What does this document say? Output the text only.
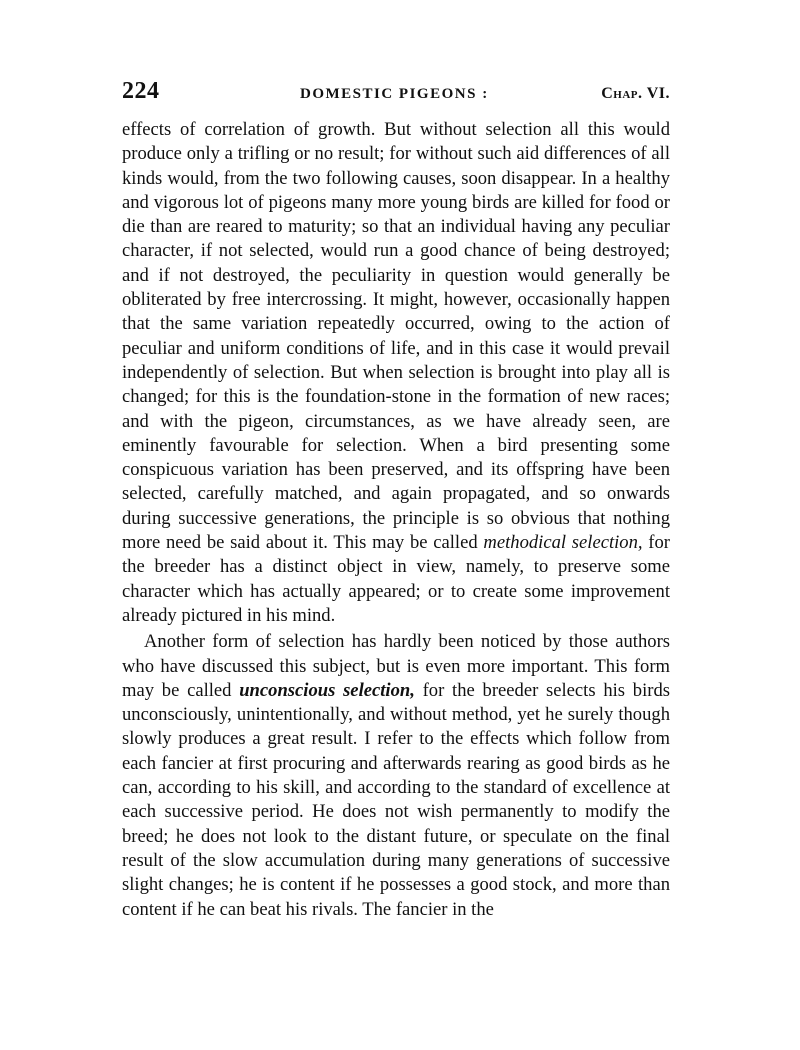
224	DOMESTIC PIGEONS :	Chap. VI.

effects of correlation of growth. But without selection all this would produce only a trifling or no result; for without such aid differences of all kinds would, from the two following causes, soon disappear. In a healthy and vigorous lot of pigeons many more young birds are killed for food or die than are reared to maturity; so that an individual having any peculiar character, if not selected, would run a good chance of being destroyed; and if not destroyed, the peculiarity in question would generally be obliterated by free intercrossing. It might, however, occasionally happen that the same variation repeatedly occurred, owing to the action of peculiar and uniform conditions of life, and in this case it would prevail independently of selection. But when selection is brought into play all is changed; for this is the foundation-stone in the formation of new races; and with the pigeon, circumstances, as we have already seen, are eminently favourable for selection. When a bird presenting some conspicuous variation has been preserved, and its offspring have been selected, carefully matched, and again propagated, and so onwards during successive generations, the principle is so obvious that nothing more need be said about it. This may be called methodical selection, for the breeder has a distinct object in view, namely, to preserve some character which has actually appeared; or to create some improvement already pictured in his mind.

Another form of selection has hardly been noticed by those authors who have discussed this subject, but is even more important. This form may be called unconscious selection, for the breeder selects his birds unconsciously, unintentionally, and without method, yet he surely though slowly produces a great result. I refer to the effects which follow from each fancier at first procuring and afterwards rearing as good birds as he can, according to his skill, and according to the standard of excellence at each successive period. He does not wish permanently to modify the breed; he does not look to the distant future, or speculate on the final result of the slow accumulation during many generations of successive slight changes; he is content if he possesses a good stock, and more than content if he can beat his rivals. The fancier in the
